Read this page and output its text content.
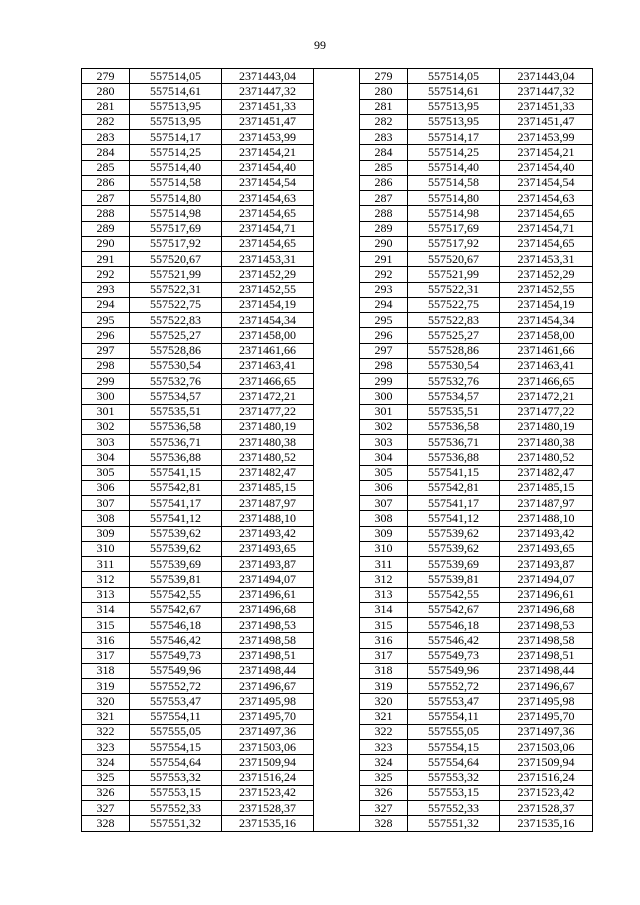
99
279	557514,05	2371443,04		279	557514,05	2371443,04
280	557514,61	2371447,32		280	557514,61	2371447,32
281	557513,95	2371451,33		281	557513,95	2371451,33
282	557513,95	2371451,47		282	557513,95	2371451,47
283	557514,17	2371453,99		283	557514,17	2371453,99
284	557514,25	2371454,21		284	557514,25	2371454,21
285	557514,40	2371454,40		285	557514,40	2371454,40
286	557514,58	2371454,54		286	557514,58	2371454,54
287	557514,80	2371454,63		287	557514,80	2371454,63
288	557514,98	2371454,65		288	557514,98	2371454,65
289	557517,69	2371454,71		289	557517,69	2371454,71
290	557517,92	2371454,65		290	557517,92	2371454,65
291	557520,67	2371453,31		291	557520,67	2371453,31
292	557521,99	2371452,29		292	557521,99	2371452,29
293	557522,31	2371452,55		293	557522,31	2371452,55
294	557522,75	2371454,19		294	557522,75	2371454,19
295	557522,83	2371454,34		295	557522,83	2371454,34
296	557525,27	2371458,00		296	557525,27	2371458,00
297	557528,86	2371461,66		297	557528,86	2371461,66
298	557530,54	2371463,41		298	557530,54	2371463,41
299	557532,76	2371466,65		299	557532,76	2371466,65
300	557534,57	2371472,21		300	557534,57	2371472,21
301	557535,51	2371477,22		301	557535,51	2371477,22
302	557536,58	2371480,19		302	557536,58	2371480,19
303	557536,71	2371480,38		303	557536,71	2371480,38
304	557536,88	2371480,52		304	557536,88	2371480,52
305	557541,15	2371482,47		305	557541,15	2371482,47
306	557542,81	2371485,15		306	557542,81	2371485,15
307	557541,17	2371487,97		307	557541,17	2371487,97
308	557541,12	2371488,10		308	557541,12	2371488,10
309	557539,62	2371493,42		309	557539,62	2371493,42
310	557539,62	2371493,65		310	557539,62	2371493,65
311	557539,69	2371493,87		311	557539,69	2371493,87
312	557539,81	2371494,07		312	557539,81	2371494,07
313	557542,55	2371496,61		313	557542,55	2371496,61
314	557542,67	2371496,68		314	557542,67	2371496,68
315	557546,18	2371498,53		315	557546,18	2371498,53
316	557546,42	2371498,58		316	557546,42	2371498,58
317	557549,73	2371498,51		317	557549,73	2371498,51
318	557549,96	2371498,44		318	557549,96	2371498,44
319	557552,72	2371496,67		319	557552,72	2371496,67
320	557553,47	2371495,98		320	557553,47	2371495,98
321	557554,11	2371495,70		321	557554,11	2371495,70
322	557555,05	2371497,36		322	557555,05	2371497,36
323	557554,15	2371503,06		323	557554,15	2371503,06
324	557554,64	2371509,94		324	557554,64	2371509,94
325	557553,32	2371516,24		325	557553,32	2371516,24
326	557553,15	2371523,42		326	557553,15	2371523,42
327	557552,33	2371528,37		327	557552,33	2371528,37
328	557551,32	2371535,16		328	557551,32	2371535,16
